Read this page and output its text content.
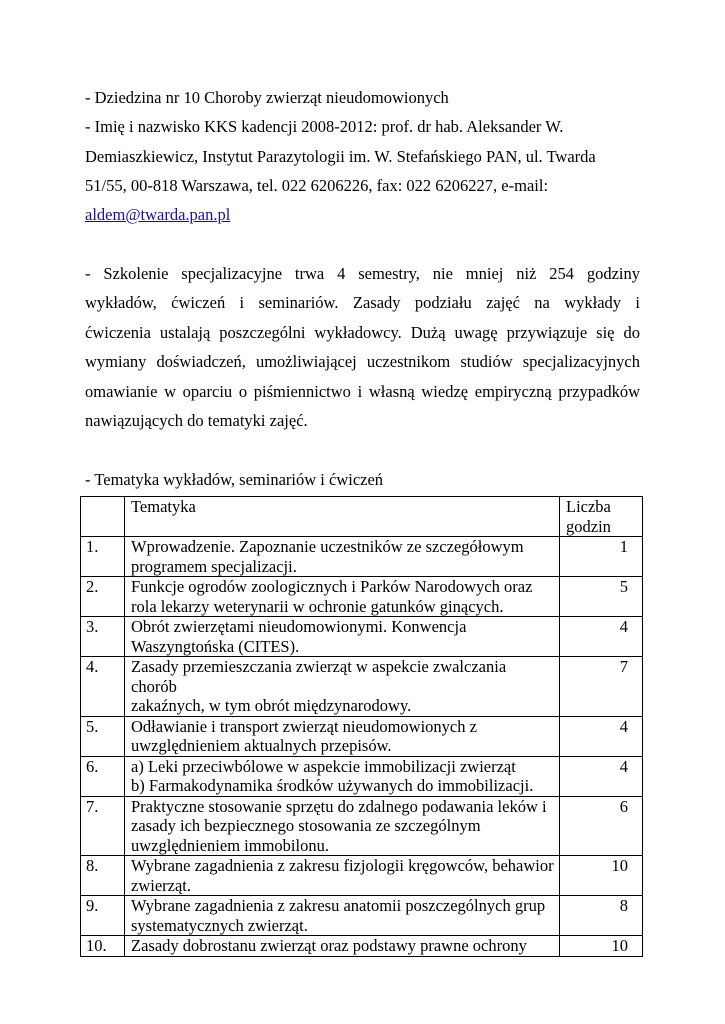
- Dziedzina nr 10 Choroby zwierząt nieudomowionych
- Imię i nazwisko KKS kadencji 2008-2012: prof. dr hab. Aleksander W.
Demiaszkiewicz, Instytut Parazytologii im. W. Stefańskiego PAN, ul. Twarda
51/55, 00-818 Warszawa, tel. 022 6206226, fax: 022 6206227, e-mail:
aldem@twarda.pan.pl
- Szkolenie specjalizacyjne trwa 4 semestry, nie mniej niż 254 godziny
wykładów, ćwiczeń i seminariów. Zasady podziału zajęć na wykłady i
ćwiczenia ustalają poszczególni wykładowcy. Dużą uwagę przywiązuje się do
wymiany doświadczeń, umożliwiającej uczestnikom studiów specjalizacyjnych
omawianie w oparciu o piśmiennictwo i własną wiedzę empiryczną przypadków
nawiązujących do tematyki zajęć.
- Tematyka wykładów, seminariów i ćwiczeń
	Tematyka	Liczba
godzin
1.	Wprowadzenie. Zapoznanie uczestników ze szczegółowym
programem specjalizacji.	1
2.	Funkcje ogrodów zoologicznych i Parków Narodowych oraz
rola lekarzy weterynarii w ochronie gatunków ginących.	5
3.	Obrót zwierzętami nieudomowionymi. Konwencja
Waszyngtońska (CITES).	4
4.	Zasady przemieszczania zwierząt w aspekcie zwalczania chorób
zakaźnych, w tym obrót międzynarodowy.	7
5.	Odławianie i transport zwierząt nieudomowionych z
uwzględnieniem aktualnych przepisów.	4
6.	a) Leki przeciwbólowe w aspekcie immobilizacji zwierząt
b) Farmakodynamika środków używanych do immobilizacji.	4
7.	Praktyczne stosowanie sprzętu do zdalnego podawania leków i
zasady ich bezpiecznego stosowania ze szczególnym
uwzględnieniem immobilonu.	6
8.	Wybrane zagadnienia z zakresu fizjologii kręgowców, behawior
zwierząt.	10
9.	Wybrane zagadnienia z zakresu anatomii poszczególnych grup
systematycznych zwierząt.	8
10.	Zasady dobrostanu zwierząt oraz podstawy prawne ochrony	10
